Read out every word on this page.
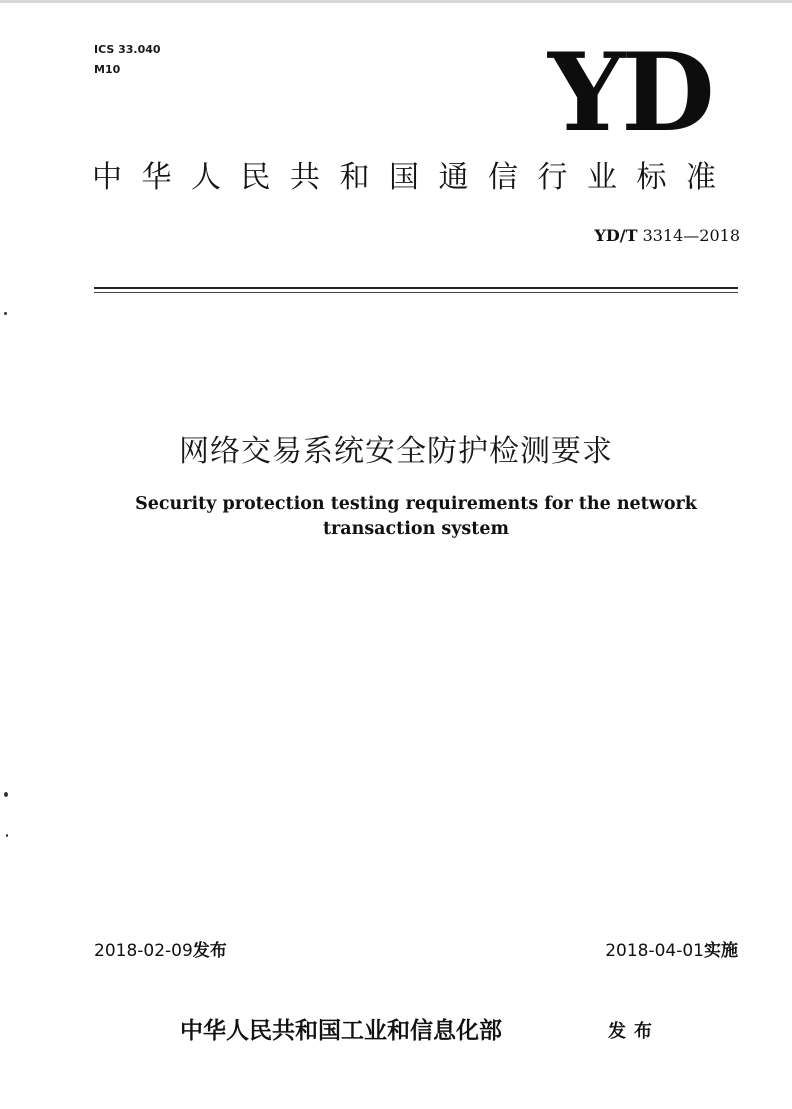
ICS 33.040
M10	YD
中华人民共和国通信行业标准
YD/T 3314—2018
网络交易系统安全防护检测要求
Security protection testing requirements for the network transaction system
2018-02-09发布	2018-04-01实施
中华人民共和国工业和信息化部	发布
